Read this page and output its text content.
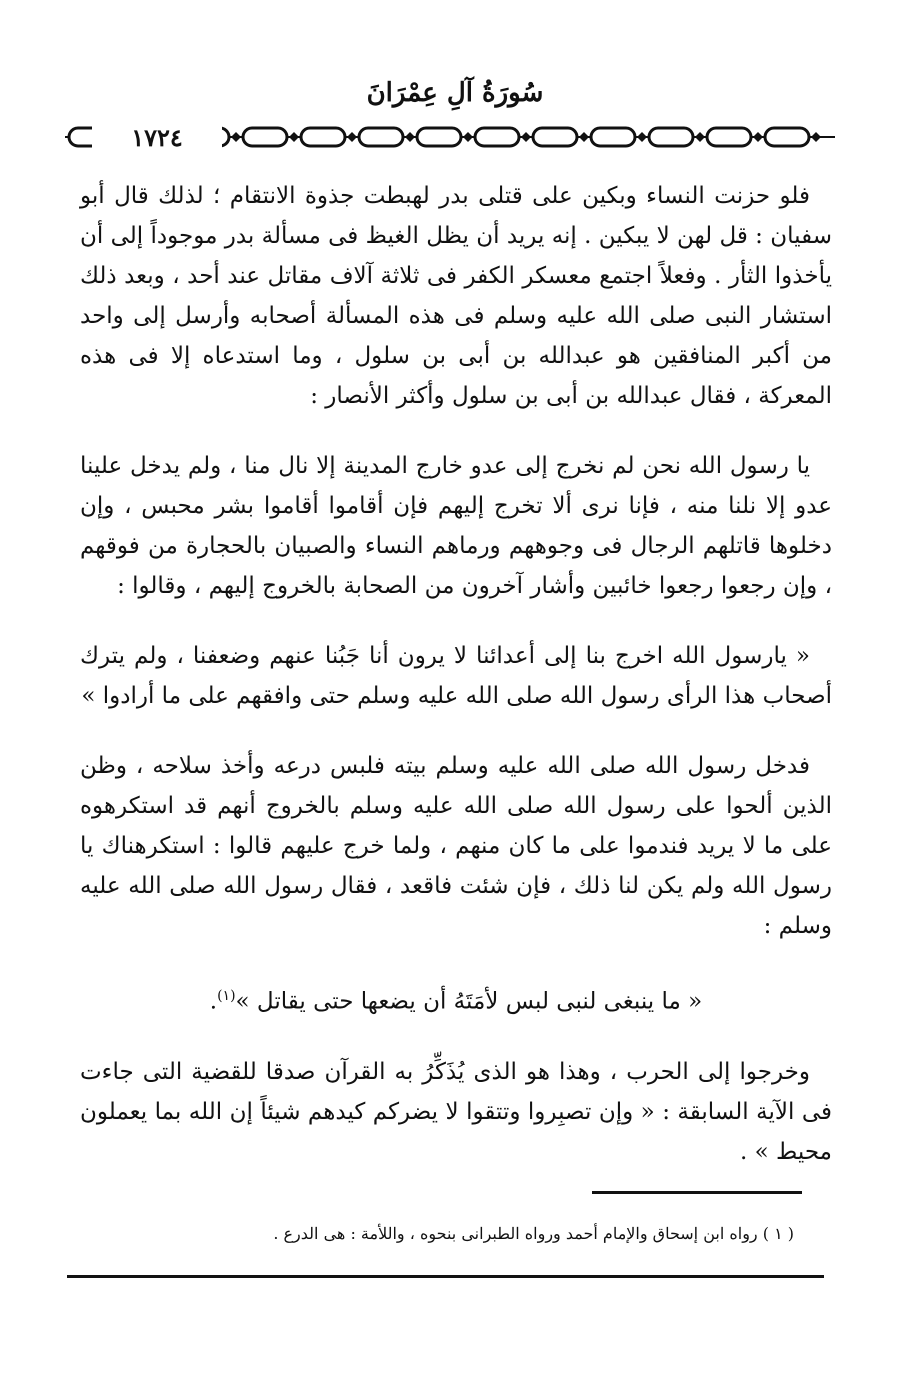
سُورَةُ آلِ عِمْرَانَ
١٧٢٤

فلو حزنت النساء وبكين على قتلى بدر لهبطت جذوة الانتقام ؛ لذلك قال أبو سفيان : قل لهن لا يبكين . إنه يريد أن يظل الغيظ فى مسألة بدر موجوداً إلى أن يأخذوا الثأر . وفعلاً اجتمع معسكر الكفر فى ثلاثة آلاف مقاتل عند أحد ، وبعد ذلك استشار النبى صلى الله عليه وسلم فى هذه المسألة أصحابه وأرسل إلى واحد من أكبر المنافقين هو عبدالله بن أبى بن سلول ، وما استدعاه إلا فى هذه المعركة ، فقال عبدالله بن أبى بن سلول وأكثر الأنصار :

يا رسول الله نحن لم نخرج إلى عدو خارج المدينة إلا نال منا ، ولم يدخل علينا عدو إلا نلنا منه ، فإنا نرى ألا تخرج إليهم فإن أقاموا أقاموا بشر محبس ، وإن دخلوها قاتلهم الرجال فى وجوههم ورماهم النساء والصبيان بالحجارة من فوقهم ، وإن رجعوا رجعوا خائبين وأشار آخرون من الصحابة بالخروج إليهم ، وقالوا :

« يارسول الله اخرج بنا إلى أعدائنا لا يرون أنا جَبُنا عنهم وضعفنا ، ولم يترك أصحاب هذا الرأى رسول الله صلى الله عليه وسلم حتى وافقهم على ما أرادوا »

فدخل رسول الله صلى الله عليه وسلم بيته فلبس درعه وأخذ سلاحه ، وظن الذين ألحوا على رسول الله صلى الله عليه وسلم بالخروج أنهم قد استكرهوه على ما لا يريد فندموا على ما كان منهم ، ولما خرج عليهم قالوا : استكرهناك يا رسول الله ولم يكن لنا ذلك ، فإن شئت فاقعد ، فقال رسول الله صلى الله عليه وسلم :

« ما ينبغى لنبى لبس لأمَتَهُ أن يضعها حتى يقاتل »$^{(١)}$.

وخرجوا إلى الحرب ، وهذا هو الذى يُذَكِّرُ به القرآن صدقا للقضية التى جاءت فى الآية السابقة : « وإن تصبِروا وتتقوا لا يضركم كيدهم شيئاً إن الله بما يعملون محيط » .

( ١ ) رواه ابن إسحاق والإمام أحمد ورواه الطبرانى بنحوه ، واللأمة : هى الدرع .
